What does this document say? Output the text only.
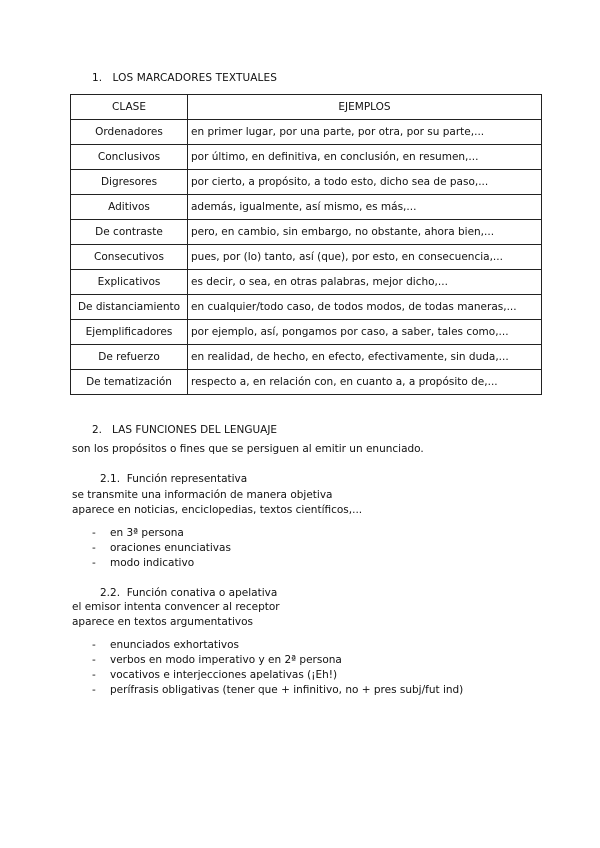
1. LOS MARCADORES TEXTUALES
CLASE	EJEMPLOS
Ordenadores	en primer lugar, por una parte, por otra, por su parte,...
Conclusivos	por último, en definitiva, en conclusión, en resumen,...
Digresores	por cierto, a propósito, a todo esto, dicho sea de paso,...
Aditivos	además, igualmente, así mismo, es más,...
De contraste	pero, en cambio, sin embargo, no obstante, ahora bien,...
Consecutivos	pues, por (lo) tanto, así (que), por esto, en consecuencia,...
Explicativos	es decir, o sea, en otras palabras, mejor dicho,...
De distanciamiento	en cualquier/todo caso, de todos modos, de todas maneras,...
Ejemplificadores	por ejemplo, así, pongamos por caso, a saber, tales como,...
De refuerzo	en realidad, de hecho, en efecto, efectivamente, sin duda,...
De tematización	respecto a, en relación con, en cuanto a, a propósito de,...
2. LAS FUNCIONES DEL LENGUAJE
son los propósitos o fines que se persiguen al emitir un enunciado.
2.1. Función representativa
se transmite una información de manera objetiva
aparece en noticias, enciclopedias, textos científicos,...
- en 3ª persona
- oraciones enunciativas
- modo indicativo
2.2. Función conativa o apelativa
el emisor intenta convencer al receptor
aparece en textos argumentativos
- enunciados exhortativos
- verbos en modo imperativo y en 2ª persona
- vocativos e interjecciones apelativas (¡Eh!)
- perífrasis obligativas (tener que + infinitivo, no + pres subj/fut ind)
